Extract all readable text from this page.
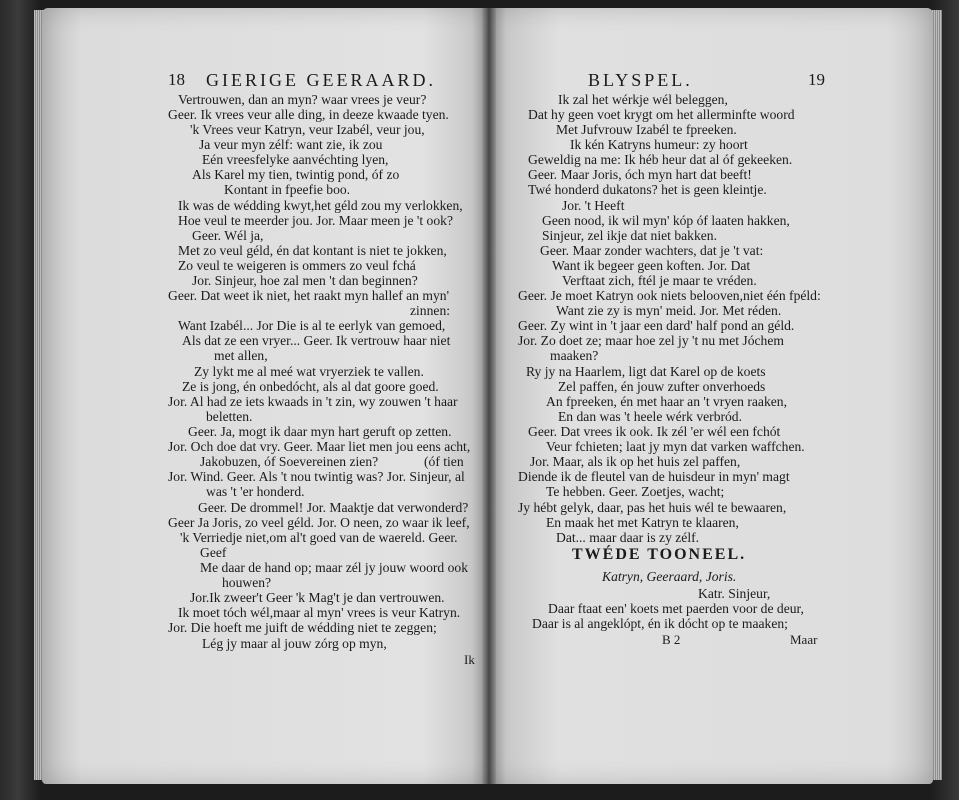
18 GIERIGE GEERAARD.
Vertrouwen, dan an myn? waar vrees je veur?
Geer. Ik vrees veur alle ding, in deeze kwaade tyen.
'k Vrees veur Katryn, veur Izabél, veur jou,
Ja veur myn zélf: want zie, ik zou
Eén vreesfelyke aanvéchting lyen,
Als Karel my tien, twintig pond, óf zo
Kontant in fpeefie boo.
Ik was de wédding kwyt,het géld zou my verlokken,
Hoe veul te meerder jou. Jor. Maar meen je 't ook?
Geer. Wél ja,
Met zo veul géld, én dat kontant is niet te jokken,
Zo veul te weigeren is ommers zo veul fchá
Jor. Sinjeur, hoe zal men 't dan beginnen?
Geer. Dat weet ik niet, het raakt myn hallef an myn'
zinnen:
Want Izabél... Jor Die is al te eerlyk van gemoed,
Als dat ze een vryer... Geer. Ik vertrouw haar niet
met allen,
Zy lykt me al meé wat vryerziek te vallen.
Ze is jong, én onbedócht, als al dat goore goed.
Jor. Al had ze iets kwaads in 't zin, wy zouwen 't haar
beletten.
Geer. Ja, mogt ik daar myn hart geruft op zetten.
Jor. Och doe dat vry. Geer. Maar liet men jou eens acht,
Jakobuzen, óf Soevereinen zien?	(óf tien
Jor. Wind. Geer. Als 't nou twintig was? Jor. Sinjeur, al
was 't 'er honderd.
Geer. De drommel! Jor. Maaktje dat verwonderd?
Geer Ja Joris, zo veel géld. Jor. O neen, zo waar ik leef,
'k Verriedje niet,om al't goed van de waereld. Geer.
Geef
Me daar de hand op; maar zél jy jouw woord ook
houwen?
Jor.Ik zweer't Geer 'k Mag't je dan vertrouwen.
Ik moet tóch wél,maar al myn' vrees is veur Katryn.
Jor. Die hoeft me juift de wédding niet te zeggen;
Lég jy maar al jouw zórg op myn,
Ik
BLYSPEL.	19
Ik zal het wérkje wél beleggen,
Dat hy geen voet krygt om het allerminfte woord
Met Jufvrouw Izabél te fpreeken.
Ik kén Katryns humeur: zy hoort
Geweldig na me: Ik héb heur dat al óf gekeeken.
Geer. Maar Joris, óch myn hart dat beeft!
Twé honderd dukatons? het is geen kleintje.
Jor. 't Heeft
Geen nood, ik wil myn' kóp óf laaten hakken,
Sinjeur, zel ikje dat niet bakken.
Geer. Maar zonder wachters, dat je 't vat:
Want ik begeer geen koften. Jor. Dat
Verftaat zich, ftél je maar te vréden.
Geer. Je moet Katryn ook niets belooven,niet één fpéld:
Want zie zy is myn' meid. Jor. Met réden.
Geer. Zy wint in 't jaar een dard' half pond an géld.
Jor. Zo doet ze; maar hoe zel jy 't nu met Jóchem
maaken?
Ry jy na Haarlem, ligt dat Karel op de koets
Zel paffen, én jouw zufter onverhoeds
An fpreeken, én met haar an 't vryen raaken,
En dan was 't heele wérk verbród.
Geer. Dat vrees ik ook. Ik zél 'er wél een fchót
Veur fchieten; laat jy myn dat varken waffchen.
Jor. Maar, als ik op het huis zel paffen,
Diende ik de fleutel van de huisdeur in myn' magt
Te hebben. Geer. Zoetjes, wacht;
Jy hébt gelyk, daar, pas het huis wél te bewaaren,
En maak het met Katryn te klaaren,
Dat... maar daar is zy zélf.
TWÉDE TOONEEL.
Katryn, Geeraard, Joris.
Katr. Sinjeur,
Daar ftaat een' koets met paerden voor de deur,
Daar is al angeklópt, én ik dócht op te maaken;
B 2	Maar
